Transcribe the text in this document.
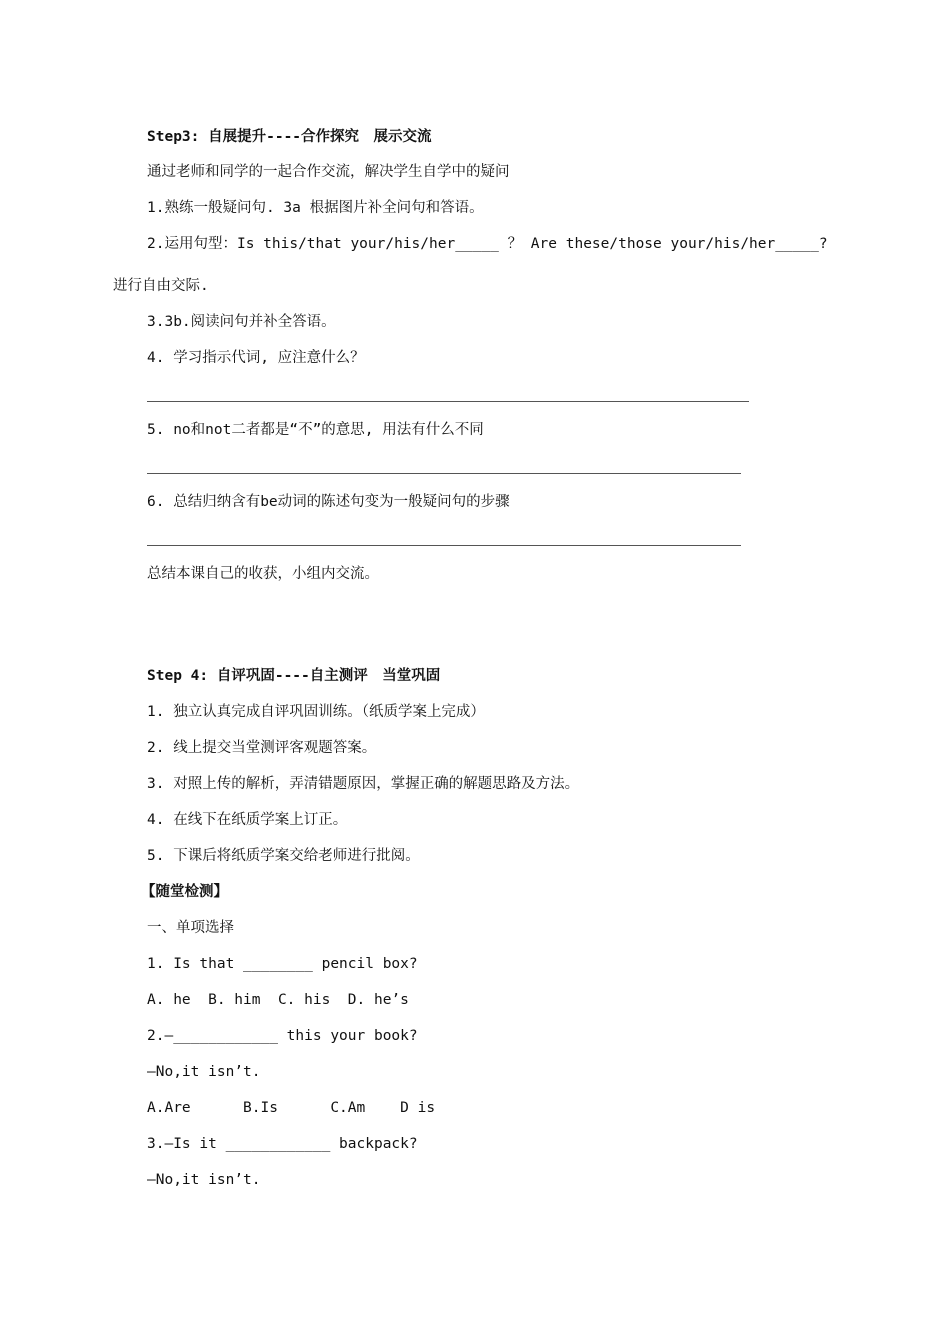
Step3: 自展提升----合作探究　展示交流

通过老师和同学的一起合作交流，解决学生自学中的疑问

1.熟练一般疑问句. 3a 根据图片补全问句和答语。

2.运用句型：Is this/that your/his/her_____ ？ Are these/those your/his/her_____?

进行自由交际.

3.3b.阅读问句并补全答语。

4. 学习指示代词, 应注意什么？

5. no和not二者都是“不”的意思, 用法有什么不同

6. 总结归纳含有be动词的陈述句变为一般疑问句的步骤

总结本课自己的收获，小组内交流。

Step 4: 自评巩固----自主测评　当堂巩固

1. 独立认真完成自评巩固训练。（纸质学案上完成）

2. 线上提交当堂测评客观题答案。

3. 对照上传的解析，弄清错题原因，掌握正确的解题思路及方法。

4. 在线下在纸质学案上订正。

5. 下课后将纸质学案交给老师进行批阅。

【随堂检测】

一、单项选择

1. Is that ________ pencil box?

A. he  B. him  C. his  D. he’s

2.—____________ this your book?

—No,it isn’t.

A.Are      B.Is      C.Am    D is

3.—Is it ____________ backpack?

—No,it isn’t.
